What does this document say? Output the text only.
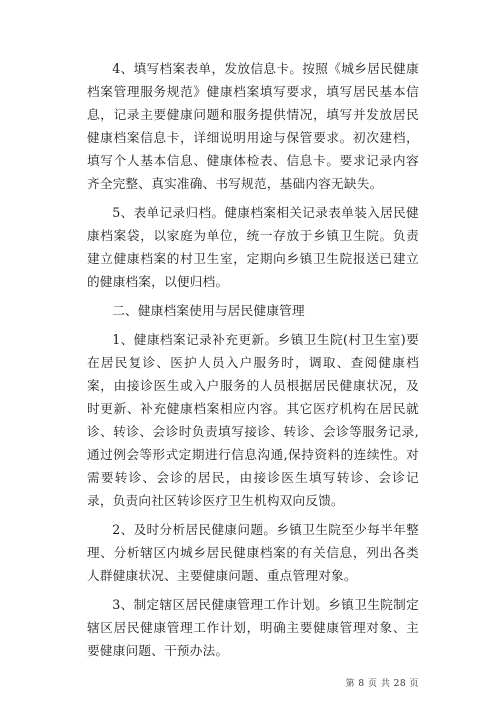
4、填写档案表单，发放信息卡。按照《城乡居民健康档案管理服务规范》健康档案填写要求，填写居民基本信息，记录主要健康问题和服务提供情况，填写并发放居民健康档案信息卡，详细说明用途与保管要求。初次建档，填写个人基本信息、健康体检表、信息卡。要求记录内容齐全完整、真实准确、书写规范，基础内容无缺失。

5、表单记录归档。健康档案相关记录表单装入居民健康档案袋，以家庭为单位，统一存放于乡镇卫生院。负责建立健康档案的村卫生室，定期向乡镇卫生院报送已建立的健康档案，以便归档。

二、健康档案使用与居民健康管理

1、健康档案记录补充更新。乡镇卫生院(村卫生室)要在居民复诊、医护人员入户服务时，调取、查阅健康档案，由接诊医生或入户服务的人员根据居民健康状况，及时更新、补充健康档案相应内容。其它医疗机构在居民就诊、转诊、会诊时负责填写接诊、转诊、会诊等服务记录,通过例会等形式定期进行信息沟通,保持资料的连续性。对需要转诊、会诊的居民，由接诊医生填写转诊、会诊记录，负责向社区转诊医疗卫生机构双向反馈。

2、及时分析居民健康问题。乡镇卫生院至少每半年整理、分析辖区内城乡居民健康档案的有关信息，列出各类人群健康状况、主要健康问题、重点管理对象。

3、制定辖区居民健康管理工作计划。乡镇卫生院制定辖区居民健康管理工作计划，明确主要健康管理对象、主要健康问题、干预办法。

第 8 页 共 28 页
